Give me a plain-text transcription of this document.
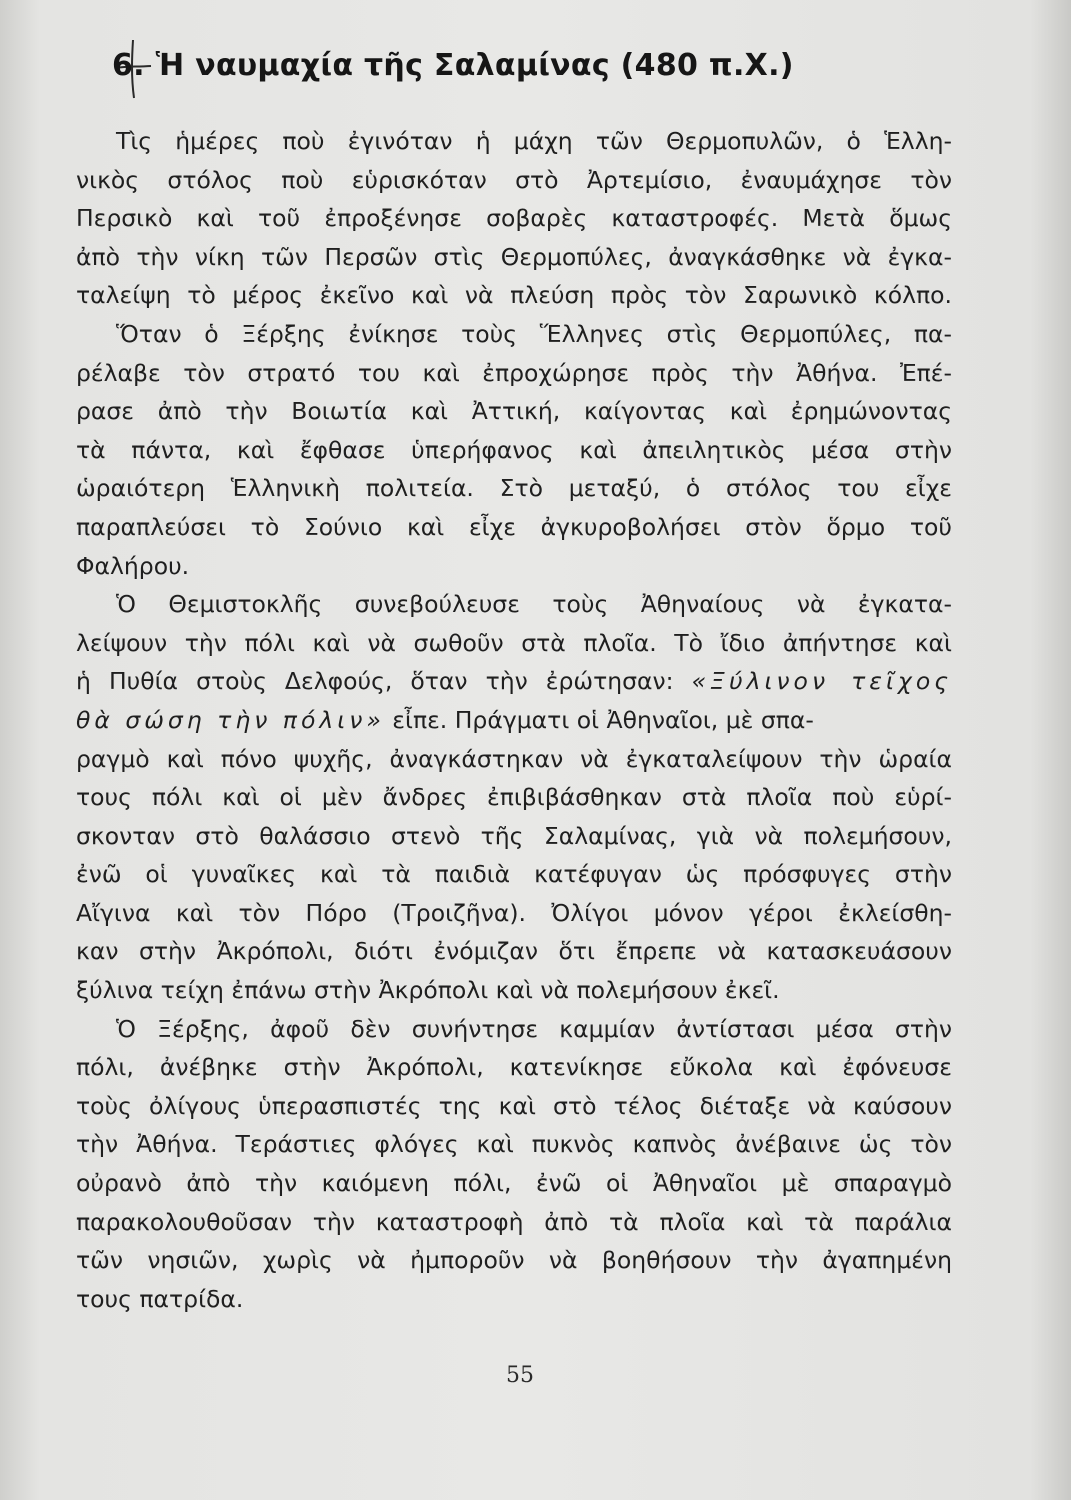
6. Ἡ ναυμαχία τῆς Σαλαμίνας (480 π.Χ.)
Τὶς ἡμέρες ποὺ ἐγινόταν ἡ μάχη τῶν Θερμοπυλῶν, ὁ Ἑλλη-
νικὸς στόλος ποὺ εὑρισκόταν στὸ Ἀρτεμίσιο, ἐναυμάχησε τὸν
Περσικὸ καὶ τοῦ ἐπροξένησε σοβαρὲς καταστροφές. Μετὰ ὅμως
ἀπὸ τὴν νίκη τῶν Περσῶν στὶς Θερμοπύλες, ἀναγκάσθηκε νὰ ἐγκα-
ταλείψη τὸ μέρος ἐκεῖνο καὶ νὰ πλεύση πρὸς τὸν Σαρωνικὸ κόλπο.
Ὅταν ὁ Ξέρξης ἐνίκησε τοὺς Ἕλληνες στὶς Θερμοπύλες, πα-
ρέλαβε τὸν στρατό του καὶ ἐπροχώρησε πρὸς τὴν Ἀθήνα. Ἐπέ-
ρασε ἀπὸ τὴν Βοιωτία καὶ Ἀττική, καίγοντας καὶ ἐρημώνοντας
τὰ πάντα, καὶ ἔφθασε ὑπερήφανος καὶ ἀπειλητικὸς μέσα στὴν
ὡραιότερη Ἑλληνικὴ πολιτεία. Στὸ μεταξύ, ὁ στόλος του εἶχε
παραπλεύσει τὸ Σούνιο καὶ εἶχε ἀγκυροβολήσει στὸν ὅρμο τοῦ
Φαλήρου.
Ὁ Θεμιστοκλῆς συνεβούλευσε τοὺς Ἀθηναίους νὰ ἐγκατα-
λείψουν τὴν πόλι καὶ νὰ σωθοῦν στὰ πλοῖα. Τὸ ἴδιο ἀπήντησε καὶ
ἡ Πυθία στοὺς Δελφούς, ὅταν τὴν ἐρώτησαν: «Ξύλινον τεῖχος
θὰ σώση τὴν πόλιν» εἶπε. Πράγματι οἱ Ἀθηναῖοι, μὲ σπα-
ραγμὸ καὶ πόνο ψυχῆς, ἀναγκάστηκαν νὰ ἐγκαταλείψουν τὴν ὡραία
τους πόλι καὶ οἱ μὲν ἄνδρες ἐπιβιβάσθηκαν στὰ πλοῖα ποὺ εὑρί-
σκονταν στὸ θαλάσσιο στενὸ τῆς Σαλαμίνας, γιὰ νὰ πολεμήσουν,
ἐνῶ οἱ γυναῖκες καὶ τὰ παιδιὰ κατέφυγαν ὡς πρόσφυγες στὴν
Αἴγινα καὶ τὸν Πόρο (Τροιζῆνα). Ὀλίγοι μόνον γέροι ἐκλείσθη-
καν στὴν Ἀκρόπολι, διότι ἐνόμιζαν ὅτι ἔπρεπε νὰ κατασκευάσουν
ξύλινα τείχη ἐπάνω στὴν Ἀκρόπολι καὶ νὰ πολεμήσουν ἐκεῖ.
Ὁ Ξέρξης, ἀφοῦ δὲν συνήντησε καμμίαν ἀντίστασι μέσα στὴν
πόλι, ἀνέβηκε στὴν Ἀκρόπολι, κατενίκησε εὔκολα καὶ ἐφόνευσε
τοὺς ὀλίγους ὑπερασπιστές της καὶ στὸ τέλος διέταξε νὰ καύσουν
τὴν Ἀθήνα. Τεράστιες φλόγες καὶ πυκνὸς καπνὸς ἀνέβαινε ὡς τὸν
οὐρανὸ ἀπὸ τὴν καιόμενη πόλι, ἐνῶ οἱ Ἀθηναῖοι μὲ σπαραγμὸ
παρακολουθοῦσαν τὴν καταστροφὴ ἀπὸ τὰ πλοῖα καὶ τὰ παράλια
τῶν νησιῶν, χωρὶς νὰ ἠμποροῦν νὰ βοηθήσουν τὴν ἀγαπημένη
τους πατρίδα.
55
